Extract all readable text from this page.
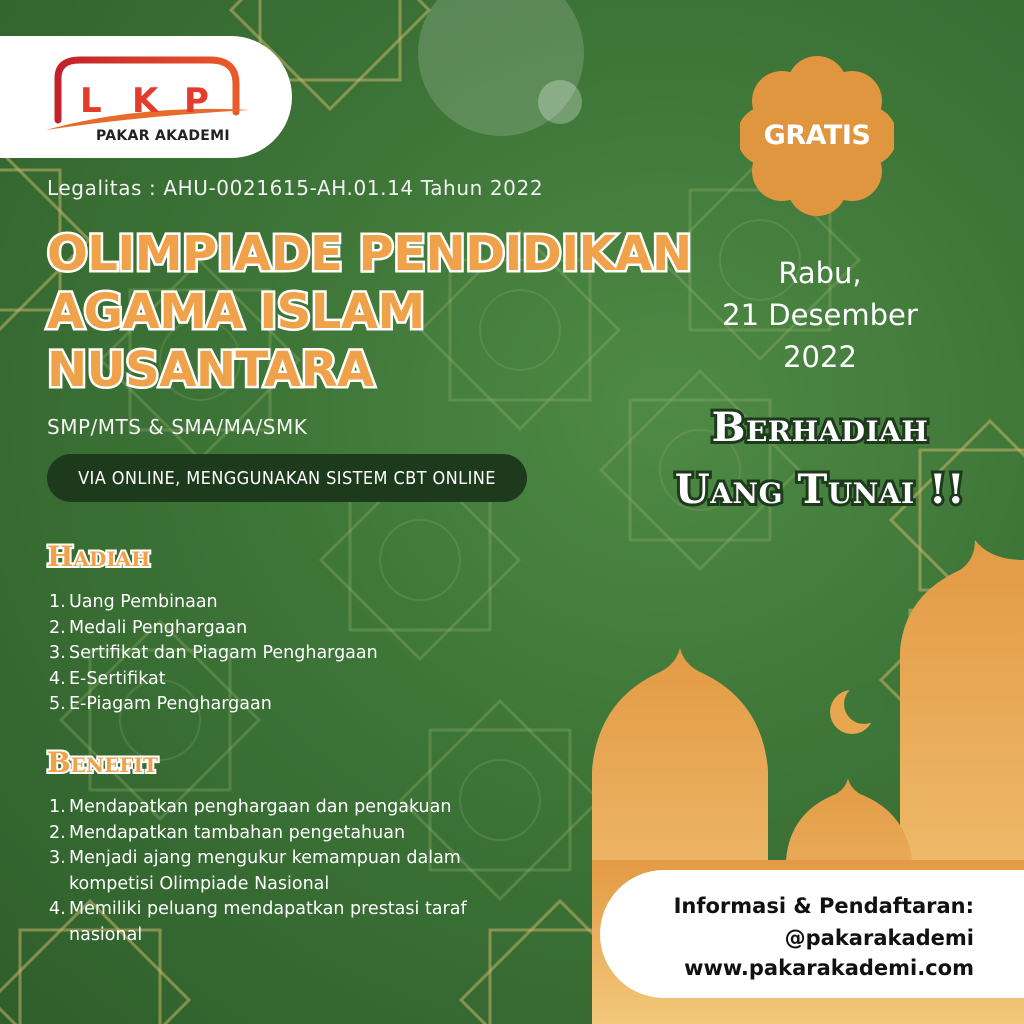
L K P
PAKAR AKADEMI
Legalitas : AHU-0021615-AH.01.14 Tahun 2022
OLIMPIADE PENDIDIKAN
AGAMA ISLAM
NUSANTARA
SMP/MTS & SMA/MA/SMK
VIA ONLINE, MENGGUNAKAN SISTEM CBT ONLINE
Hadiah
1. Uang Pembinaan
2. Medali Penghargaan
3. Sertifikat dan Piagam Penghargaan
4. E-Sertifikat
5. E-Piagam Penghargaan
Benefit
1. Mendapatkan penghargaan dan pengakuan
2. Mendapatkan tambahan pengetahuan
3. Menjadi ajang mengukur kemampuan dalam kompetisi Olimpiade Nasional
4. Memiliki peluang mendapatkan prestasi taraf nasional
GRATIS
Rabu,
21 Desember
2022
Berhadiah
Uang Tunai !!
Informasi & Pendaftaran:
@pakarakademi
www.pakarakademi.com
